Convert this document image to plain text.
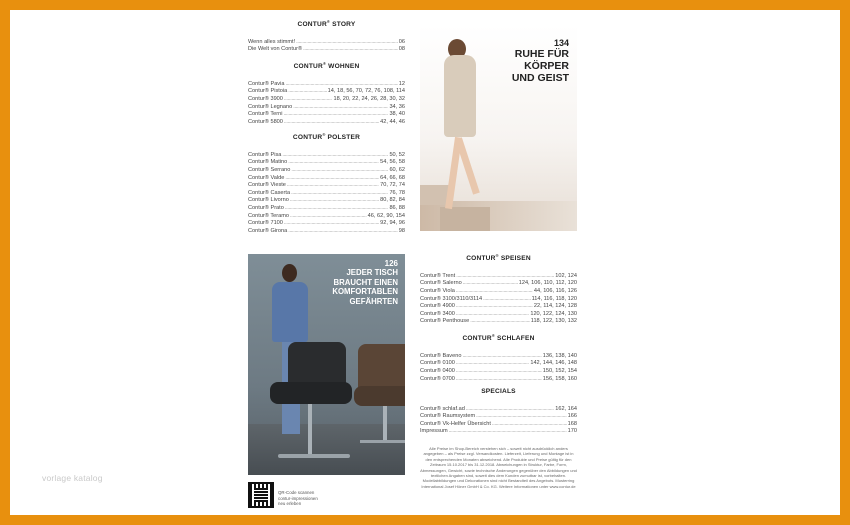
CONTUR® STORY
Wenn alles stimmt! .....	06
Die Welt von Contur® .....	08
CONTUR® WOHNEN
Contur® Pavia .....	12
Contur® Pistoia .....	14, 18, 56, 70, 72, 76, 108, 114
Contur® 3900 .....	18, 20, 22, 24, 26, 28, 30, 32
Contur® Legnano .....	34, 36
Contur® Terni .....	38, 40
Contur® 5800 .....	42, 44, 46
CONTUR® POLSTER
Contur® Pisa .....	50, 52
Contur® Matino .....	54, 56, 58
Contur® Serrano .....	60, 62
Contur® Valde .....	64, 66, 68
Contur® Vieste .....	70, 72, 74
Contur® Caserta .....	76, 78
Contur® Livorno .....	80, 82, 84
Contur® Prato .....	86, 88
Contur® Teramo .....	46, 62, 90, 154
Contur® 7100 .....	92, 94, 96
Contur® Girona .....	98
134
RUHE FÜR
KÖRPER
UND GEIST
126
JEDER TISCH
BRAUCHT EINEN
KOMFORTABLEN
GEFÄHRTEN
CONTUR® SPEISEN
Contur® Trent .....	102, 124
Contur® Salerno .....	124, 106, 110, 112, 120
Contur® Viola .....	44, 106, 116, 126
Contur® 3100/3110/3114 .....	114, 116, 118, 120
Contur® 4900 .....	22, 114, 124, 128
Contur® 3400 .....	120, 122, 124, 130
Contur® Penthouse .....	118, 122, 130, 132
CONTUR® SCHLAFEN
Contur® Baveno .....	136, 138, 140
Contur® 0100 .....	142, 144, 146, 148
Contur® 0400 .....	150, 152, 154
Contur® 0700 .....	156, 158, 160
SPECIALS
Contur® schlaf.ad .....	162, 164
Contur® Raumsystem .....	166
Contur® Vk-Helfer Übersicht .....	168
Impressum .....	170
Alle Preise im Shop-Bereich verstehen sich – soweit nicht ausdrücklich anders angegeben – als Preise zzgl. Versandkosten. Lieferzeit, Lieferung und Montage ist in den entsprechenden Monaten abweichend. Alle Produkte und Preise gültig für den Zeitraum 15.10.2017 bis 31.12.2018. Abweichungen in Struktur, Farbe, Form, Abmessungen, Gewicht, sowie technische Änderungen gegenüber den Abbildungen und textlichen Angaben sind, soweit dies dem Kunden zumutbar ist, vorbehalten. Modellabbildungen und Dekorationen sind nicht Bestandteil des Angebots. Musterring International Josef Höner GmbH & Co. KG. Weitere Informationen unter www.contur.de
QR-Code scannen
contur-impressionen
neu erleben
vorlage katalog
